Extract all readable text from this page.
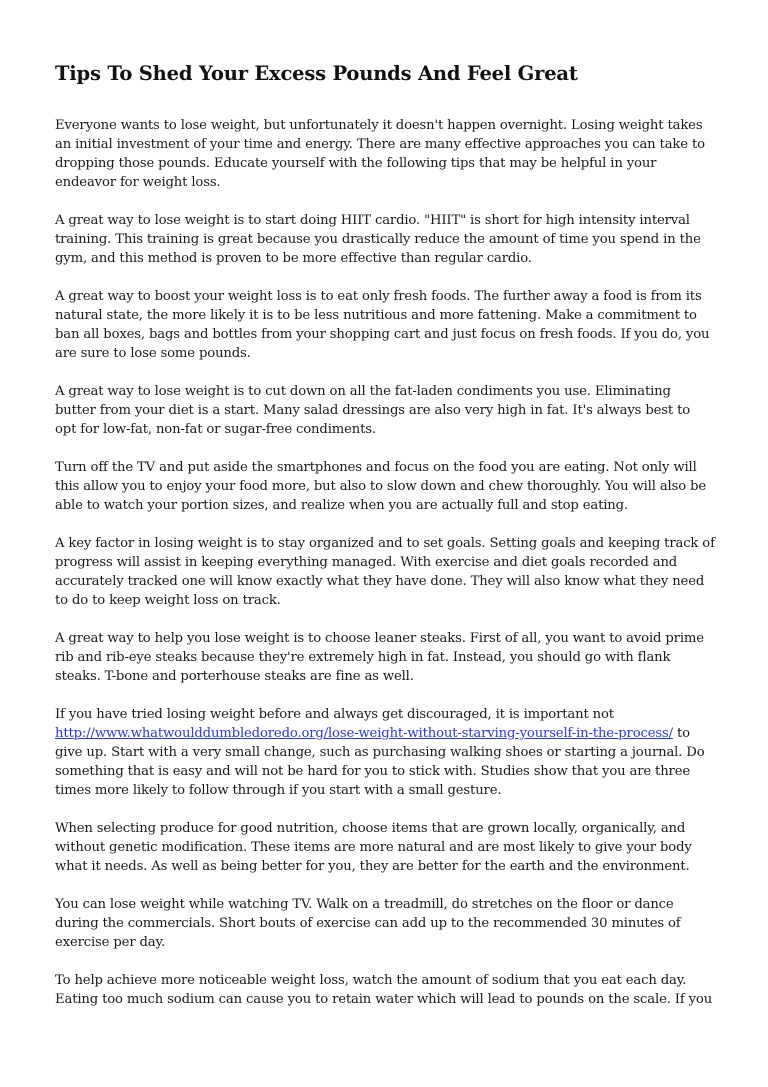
Tips To Shed Your Excess Pounds And Feel Great

Everyone wants to lose weight, but unfortunately it doesn't happen overnight. Losing weight takes an initial investment of your time and energy. There are many effective approaches you can take to dropping those pounds. Educate yourself with the following tips that may be helpful in your endeavor for weight loss.

A great way to lose weight is to start doing HIIT cardio. "HIIT" is short for high intensity interval training. This training is great because you drastically reduce the amount of time you spend in the gym, and this method is proven to be more effective than regular cardio.

A great way to boost your weight loss is to eat only fresh foods. The further away a food is from its natural state, the more likely it is to be less nutritious and more fattening. Make a commitment to ban all boxes, bags and bottles from your shopping cart and just focus on fresh foods. If you do, you are sure to lose some pounds.

A great way to lose weight is to cut down on all the fat-laden condiments you use. Eliminating butter from your diet is a start. Many salad dressings are also very high in fat. It's always best to opt for low-fat, non-fat or sugar-free condiments.

Turn off the TV and put aside the smartphones and focus on the food you are eating. Not only will this allow you to enjoy your food more, but also to slow down and chew thoroughly. You will also be able to watch your portion sizes, and realize when you are actually full and stop eating.

A key factor in losing weight is to stay organized and to set goals. Setting goals and keeping track of progress will assist in keeping everything managed. With exercise and diet goals recorded and accurately tracked one will know exactly what they have done. They will also know what they need to do to keep weight loss on track.

A great way to help you lose weight is to choose leaner steaks. First of all, you want to avoid prime rib and rib-eye steaks because they're extremely high in fat. Instead, you should go with flank steaks. T-bone and porterhouse steaks are fine as well.

If you have tried losing weight before and always get discouraged, it is important not http://www.whatwoulddumbledoredo.org/lose-weight-without-starving-yourself-in-the-process/ to give up. Start with a very small change, such as purchasing walking shoes or starting a journal. Do something that is easy and will not be hard for you to stick with. Studies show that you are three times more likely to follow through if you start with a small gesture.

When selecting produce for good nutrition, choose items that are grown locally, organically, and without genetic modification. These items are more natural and are most likely to give your body what it needs. As well as being better for you, they are better for the earth and the environment.

You can lose weight while watching TV. Walk on a treadmill, do stretches on the floor or dance during the commercials. Short bouts of exercise can add up to the recommended 30 minutes of exercise per day.

To help achieve more noticeable weight loss, watch the amount of sodium that you eat each day. Eating too much sodium can cause you to retain water which will lead to pounds on the scale. If you
